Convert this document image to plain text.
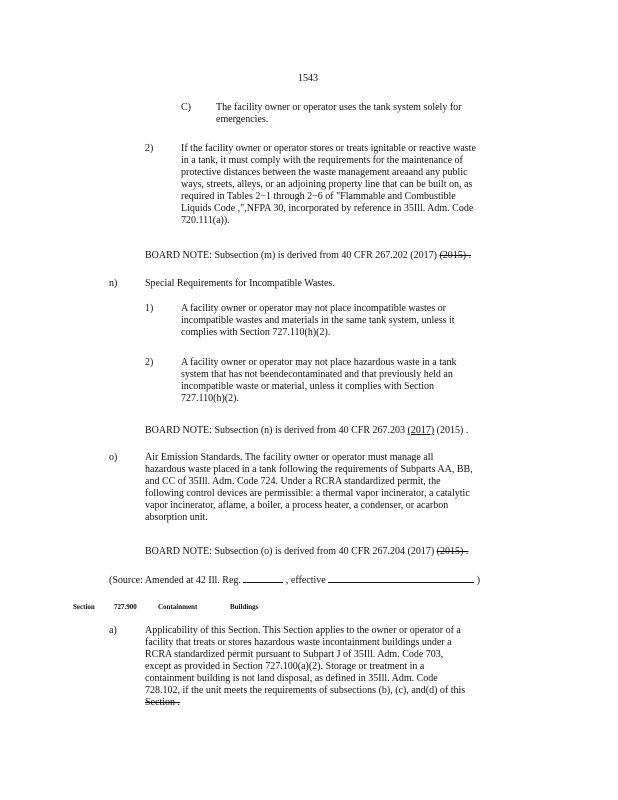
1543
C)	The facility owner or operator uses the tank system solely for
emergencies.
2)	If the facility owner or operator stores or treats ignitable or reactive waste
in a tank, it must comply with the requirements for the maintenance of
protective distances between the waste management areaand any public
ways, streets, alleys, or an adjoining property line that can be built on, as
required in Tables 2−1 through 2−6 of "Flammable and Combustible
Liquids Code ,",NFPA 30, incorporated by reference in 35Ill. Adm. Code
720.111(a)).
BOARD NOTE: Subsection (m) is derived from 40 CFR 267.202 (2017) (2015) .
n)	Special Requirements for Incompatible Wastes.
1)	A facility owner or operator may not place incompatible wastes or
incompatible wastes and materials in the same tank system, unless it
complies with Section 727.110(h)(2).
2)	A facility owner or operator may not place hazardous waste in a tank
system that has not beendecontaminated and that previously held an
incompatible waste or material, unless it complies with Section
727.110(h)(2).
BOARD NOTE: Subsection (n) is derived from 40 CFR 267.203 (2017) (2015) .
o)	Air Emission Standards. The facility owner or operator must manage all
hazardous waste placed in a tank following the requirements of Subparts AA, BB,
and CC of 35Ill. Adm. Code 724. Under a RCRA standardized permit, the
following control devices are permissible: a thermal vapor incinerator, a catalytic
vapor incinerator, aflame, a boiler, a process heater, a condenser, or acarbon
absorption unit.
BOARD NOTE: Subsection (o) is derived from 40 CFR 267.204 (2017) (2015) .
(Source: Amended at 42 Ill. Reg.	, effective	)
Section	727.900	Containment	Buildings
a)	Applicability of this Section. This Section applies to the owner or operator of a
facility that treats or stores hazardous waste incontainment buildings under a
RCRA standardized permit pursuant to Subpart J of 35Ill. Adm. Code 703,
except as provided in Section 727.100(a)(2). Storage or treatment in a
containment building is not land disposal, as defined in 35Ill. Adm. Code
728.102, if the unit meets the requirements of subsections (b), (c), and(d) of this
Section .
